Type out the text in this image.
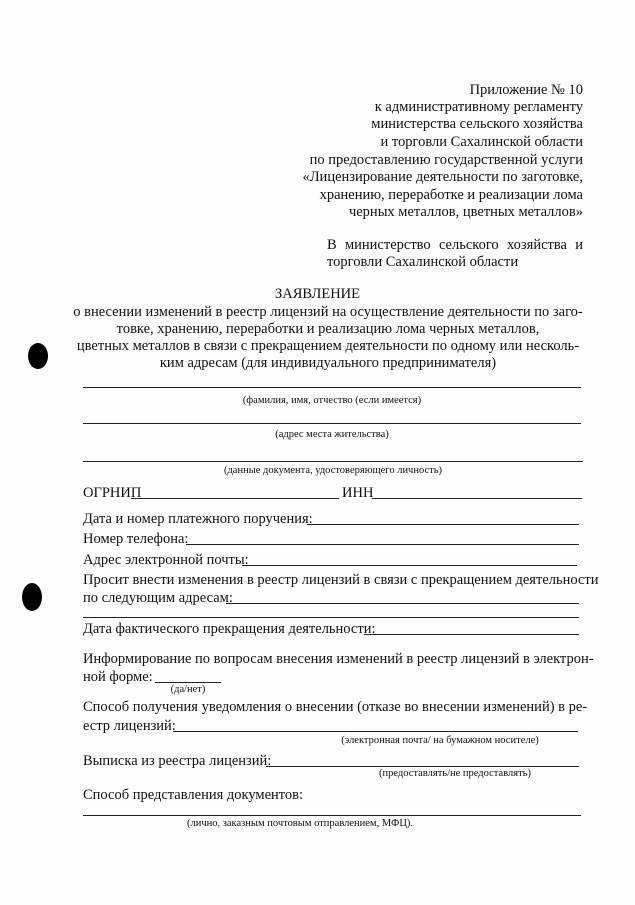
Приложение № 10
к административному регламенту
министерства сельского хозяйства
и торговли Сахалинской области
по предоставлению государственной услуги
«Лицензирование деятельности по заготовке,
хранению, переработке и реализации лома
черных металлов, цветных металлов»
В министерство сельского хозяйства и
торговли Сахалинской области
ЗАЯВЛЕНИЕ
о внесении изменений в реестр лицензий на осуществление деятельности по заго-
товке, хранению, переработки и реализацию лома черных металлов,
цветных металлов в связи с прекращением деятельности по одному или несколь-
ким адресам (для индивидуального предпринимателя)
(фамилия, имя, отчество (если имеется)
(адрес места жительства)
(данные документа, удостоверяющего личность)
ОГРНИП	ИНН
Дата и номер платежного поручения:
Номер телефона:
Адрес электронной почты:
Просит внести изменения в реестр лицензий в связи с прекращением деятельности
по следующим адресам:
Дата фактического прекращения деятельности:
Информирование по вопросам внесения изменений в реестр лицензий в электрон-
ной форме:
(да/нет)
Способ получения уведомления о внесении (отказе во внесении изменений) в ре-
естр лицензий:
(электронная почта/ на бумажном носителе)
Выписка из реестра лицензий:
(предоставлять/не предоставлять)
Способ представления документов:
(лично, заказным почтовым отправлением, МФЦ).
